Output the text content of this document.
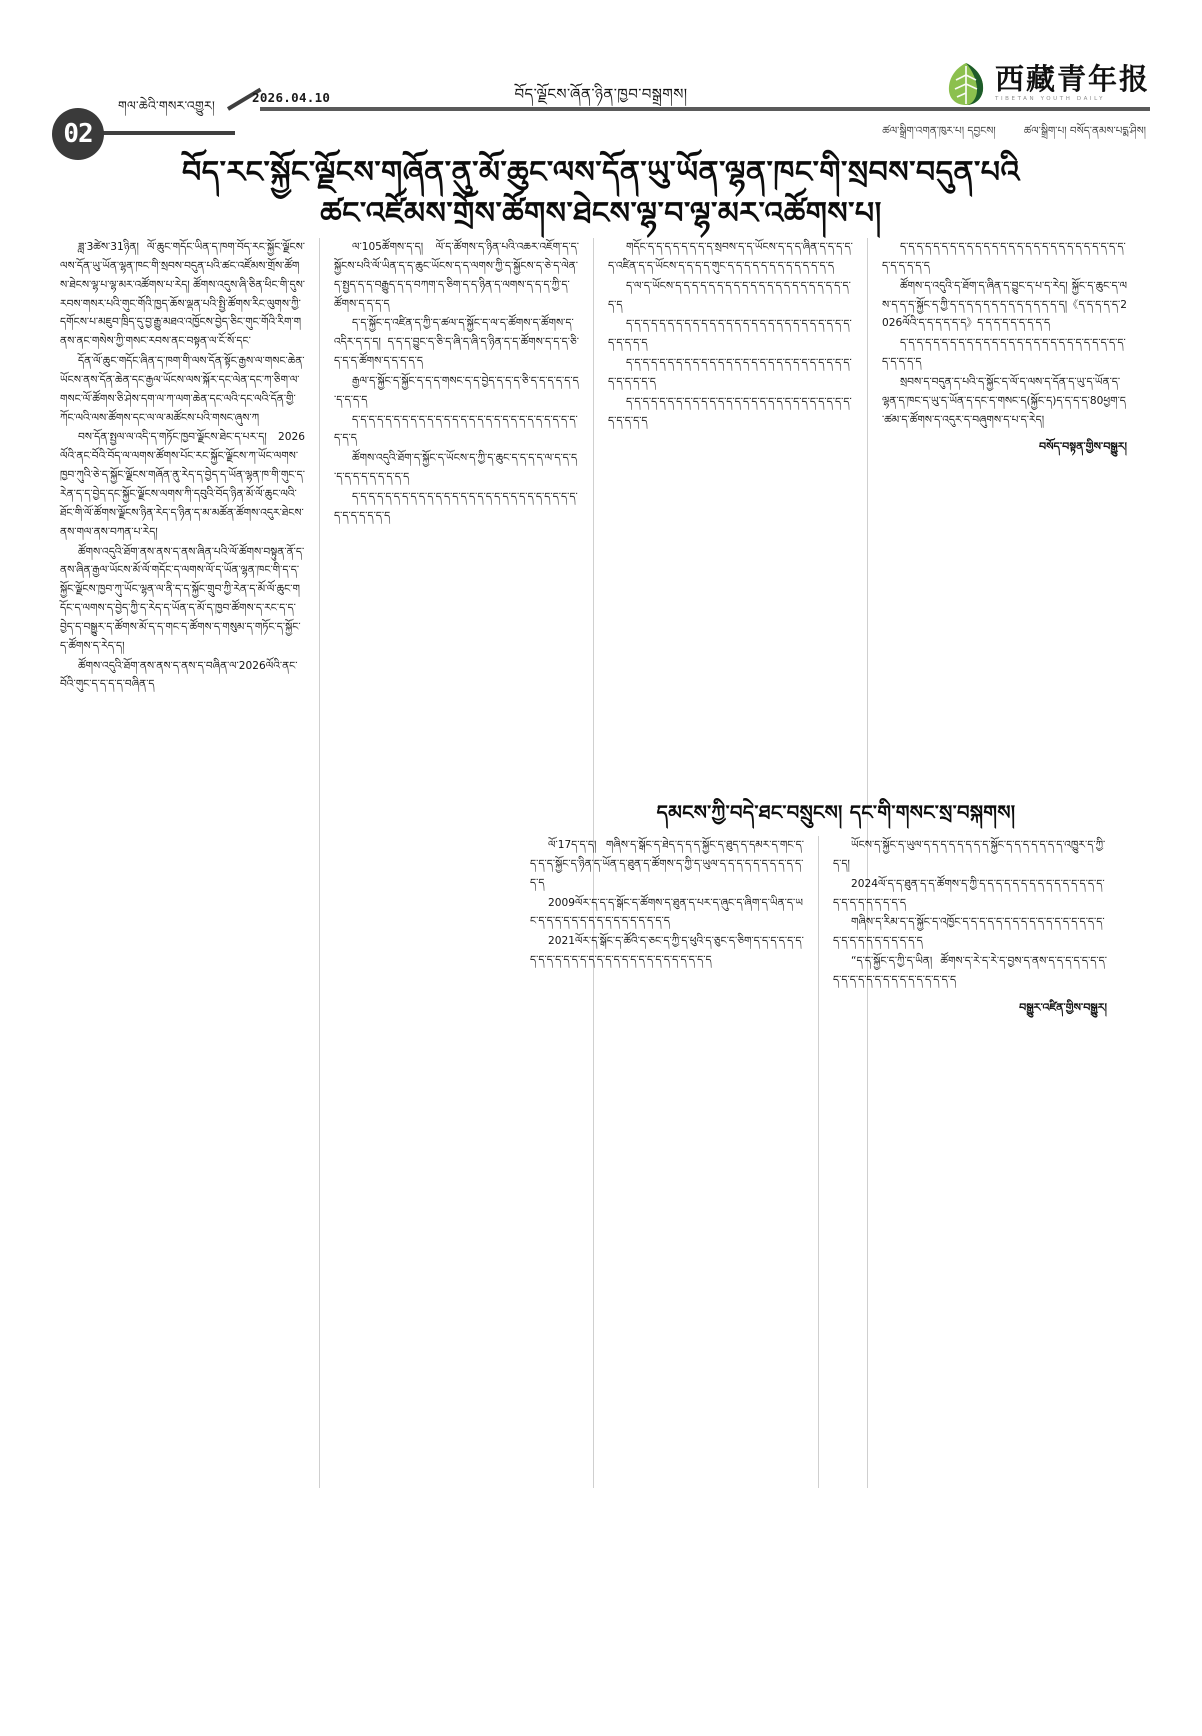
02
གལ་ཆེའི་གསར་འགྱུར།
2026.04.10	བོད་ལྗོངས་ཞོན་ཉིན་ཁྱབ་བསྒྲགས།	西藏青年报
TIBETAN YOUTH DAILY
ཚལ་སྒྲིག་འགན་ཁུར་པ། དབྱངས།	ཚལ་སྒྲིག་པ། བསོད་ནམས་པདྨ་ཤིས།
བོད་རང་སྐྱོང་ལྗོངས་གཞོན་ནུ་མོ་ཆུང་ལས་དོན་ཡུ་ཡོན་ལྷན་ཁང་གི་སྲབས་བདུན་པའི
ཚང་འཛོམས་གྲོས་ཚོགས་ཐེངས་ལྷ་བ་ལྷ་མར་འཚོགས་པ།

ཟླ་3ཚེས་31ཉིན། ལོ་ཆུང་གདོང་ཡིན་ད་ཁག་བོད་རང་སྐྱོང་ལྗོངས་ལས་དོན་ཡུ་ཡོན་ལྷན་ཁང་གི་སྲབས་བདུན་པའི་ཚང་འཛོམས་གྲོས་ཚོགས་ཐེངས་ལྷ་པ་ལྷ་མར་འཚོགས་པ་རེད། ཚོགས་འདུས་ཞི་ཅིན་ཕིང་གི་དུས་རབས་གསར་པའི་གུང་གོའི་ཁྱད་ཆོས་ལྡན་པའི་སྤྱི་ཚོགས་རིང་ལུགས་ཀྱི་དགོངས་པ་མཇུབ་ཁྲིད་དུ་བྱ་རྒྱུ་མཐའ་འཁྱོངས་བྱེད་ཅིང་གུང་གོའི་རིག་གནས་ནང་གསེས་ཀྱི་གསང་རབས་ནང་བསྟན་ལ་ངོ་སོ་དང་

དོན་ལོ་ཆུང་གདོང་ཞིན་ད་ཁག་གི་ལས་དོན་སྟོང་རྒྱས་ལ་གསང་ཆེན་ཡོངས་ནས་དོན་ཆེན་དང་རྒྱལ་ཡོངས་ལས་སྐོར་དང་ལེན་དང་ཀ་ཅིག་ལ་གསང་ལོ་ཚོགས་ཅི་ཤེས་དག་ལ་ཀ་ལག་ཆེན་དང་ལའི་དང་ལའི་དོན་གྱི་ཀོང་ལའི་ལས་ཚོགས་དང་ལ་ལ་མཚོངས་པའི་གསང་ཞུས་ཀ

བས་དོན་སྤྱལ་ལ་འདི་ད་གཏོང་ཁྱབ་ལྗོངས་ཐེང་ད་པར་ད། 2026ལོའི་ནང་བོའི་བོད་ལ་ལགས་ཚོགས་པོང་རང་སྐྱོང་ལྗོངས་ཀ་ཡོང་ལགས་ཁྱབ་ཀུའི་ཅེ་ད་སྐྱོང་ལྗོངས་གཞོན་ནུ་རེད་ད་བྱེད་ད་ཡོན་ལྷན་ཁ་གི་གུང་ད་རེན་ད་ད་བྱེད་དང་སྐྱོང་ལྗོངས་ལགས་ཀི་དབུའི་བོད་ཉིན་མོ་ལོ་ཆུང་ལའི་ཐོང་གི་ལོ་ཚོགས་ལྗོངས་ཉིན་རེད་ད་ཉིན་ད་མ་མཚོན་ཚོགས་འདུར་ཐེངས་ནས་གལ་ནས་བཀན་པ་རེད།

ཚོགས་འདུའི་ཐོག་ནས་ནས་ད་ནས་ཞིན་པའི་ལོ་ཚོགས་བསྟུན་ནོ་ད་ནས་ཞིན་རྒྱལ་ཡོངས་མོ་ལོ་གདོང་ད་ལགས་ལོ་ད་ཡོན་ལྷན་ཁང་གི་ད་ད་སྐྱོང་ལྗོངས་ཁྱབ་ཀུ་ཡོང་ལྷན་ལ་ནི་ད་ད་སྐྱོང་གྲུབ་ཀྱི་རེན་ད་མོ་ལོ་ཆུང་གདོང་ད་ལགས་ད་བྱེད་ཀྱི་ད་རེད་ད་ཡོན་ད་མོ་ད་ཁྱབ་ཚོགས་ད་རང་ད་ད་བྱེད་ད་བསྒྱུར་ད་ཚོགས་མོ་ད་ད་གང་ད་ཚོགས་ད་གསུམ་ད་གཏོང་ད་སྐྱོང་ད་ཚོགས་ད་རེད་ད།

ཚོགས་འདུའི་ཐོག་ནས་ནས་ད་ནས་ད་བཞིན་ལ་2026ལོའི་ནང་བོའི་གུང་ད་ད་ད་ད་བཞིན་ད

ལ་105ཚོགས་ད་ད། ལོ་ད་ཚོགས་ད་ཉིན་པའི་འཆར་འཇོག་ད་ད་སྐྱོངས་པའི་ལོ་ཡིན་ད་ད་ཆུང་ཡོངས་ད་ད་ལགས་ཀྱི་ད་སྐྱོངས་ད་ཅེ་ད་ལེན་ད་སྤྱད་ད་ད་བརྒྱུད་ད་ད་བཀག་ད་ཅིག་ད་ད་ཉིན་ད་ལགས་ད་ད་ད་ཀྱི་ད་ཚོགས་ད་ད་ད་ད

ད་ད་སྐྱོང་ད་འཛིན་ད་ཀྱི་ད་ཚལ་ད་སྐྱོང་ད་ལ་ད་ཚོགས་ད་ཚོགས་ད་འདིར་ད་ད་ད། ད་ད་ད་བྱུང་ད་ཅི་ད་ཞི་ད་ཞི་ད་ཉིན་ད་ད་ཚོགས་ད་ད་ད་ཅི་ད་ད་ད་ཚོགས་ད་ད་ད་ད་ད

རྒྱལ་ད་སྐྱོང་ད་སྐྱོང་ད་ད་ད་གསང་ད་ད་བྱེད་ད་ད་ད་ཅི་ད་ད་ད་ད་ད་ད་ད་ད་ད་ད

ད་ད་ད་ད་ད་ད་ད་ད་ད་ད་ད་ད་ད་ད་ད་ད་ད་ད་ད་ད་ད་ད་ད་ད་ད་ད་ད་ད་ད་ད

ཚོགས་འདུའི་ཐོག་ད་སྐྱོང་ད་ཡོངས་ད་ཀྱི་ད་ཆུང་ད་ད་ད་ད་ལ་ད་ད་ད་ད་ད་ད་ད་ད་ད་ད་ད་ད

ད་ད་ད་ད་ད་ད་ད་ད་ད་ད་ད་ད་ད་ད་ད་ད་ད་ད་ད་ད་ད་ད་ད་ད་ད་ད་ད་ད་ད་ད་ད་ད་ད་ད

གདོང་ད་ད་ད་ད་ད་ད་ད་ད་སྲབས་ད་ད་ཡོངས་ད་ད་ད་ཞིན་ད་ད་ད་ད་ད་འཛིན་ད་ད་ཡོངས་ད་ད་ད་ད་གུང་ད་ད་ད་ད་ད་ད་ད་ད་ད་ད་ད་ད་ད

ད་ལ་ད་ཡོངས་ད་ད་ད་ད་ད་ད་ད་ད་ད་ད་ད་ད་ད་ད་ད་ད་ད་ད་ད་ད་ད་ད་ད

ད་ད་ད་ད་ད་ད་ད་ད་ད་ད་ད་ད་ད་ད་ད་ད་ད་ད་ད་ད་ད་ད་ད་ད་ད་ད་ད་ད་ད་ད་ད་ད

ད་ད་ད་ད་ད་ད་ད་ད་ད་ད་ད་ད་ད་ད་ད་ད་ད་ད་ད་ད་ད་ད་ད་ད་ད་ད་ད་ད་ད་ད་ད་ད་ད

ད་ད་ད་ད་ད་ད་ད་ད་ད་ད་ད་ད་ད་ད་ད་ད་ད་ད་ད་ད་ད་ད་ད་ད་ད་ད་ད་ད་ད་ད་ད་ད

ད་ད་ད་ད་ད་ད་ད་ད་ད་ད་ད་ད་ད་ད་ད་ད་ད་ད་ད་ད་ད་ད་ད་ད་ད་ད་ད་ད་ད་ད་ད་ད་ད

ཚོགས་ད་འདུའི་ད་ཐོག་ད་ཞིན་ད་བྱུང་ད་པ་ད་རེད། སྐྱོང་ད་ཆུང་ད་ལས་ད་ད་ད་སྐྱོང་ད་ཀྱི་ད་ད་ད་ད་ད་ད་ད་ད་ད་ད་ད་ད་ད་ད།《ད་ད་ད་ད་ད་2026ལོའི་ད་ད་ད་ད་ད་ད》ད་ད་ད་ད་ད་ད་ད་ད་ད

ད་ད་ད་ད་ད་ད་ད་ད་ད་ད་ད་ད་ད་ད་ད་ད་ད་ད་ད་ད་ད་ད་ད་ད་ད་ད་ད་ད་ད་ད་ད་ད

སྲབས་ད་བདུན་ད་པའི་ད་སྐྱོང་ད་ལོ་ད་ལས་ད་དོན་ད་ཡུ་ད་ཡོན་ད་ལྷན་ད་ཁང་ད་ཡུ་ད་ཡོན་ད་དང་ད་གསང་ད(སྐྱོང་ད)ད་ད་ད་ད་80ཕྱག་ད་ཚམ་ད་ཚོགས་ད་འདུར་ད་བཞུགས་ད་པ་ད་རེད།

བསོད་བསྟན་གྱིས་བསྒྱུར།
དམངས་ཀྱི་བདེ་ཐང་བསྲུངས། དང་གི་གསང་སྲ་བསྐགས།

ལོ་17ད་ད་ད། གཞིས་ད་སྒོང་ད་ཐེད་ད་ད་ད་སྐྱོང་ད་ཐུད་ད་དམར་ད་གང་ད་ད་ད་ད་སྐྱོང་ད་ཉིན་ད་ཡོན་ད་ཐུན་ད་ཚོགས་ད་ཀྱི་ད་ཡུལ་ད་ད་ད་ད་ད་ད་ད་ད་ད་ད་ད་ད

2009ལོར་ད་ད་ད་སྒོང་ད་ཚོགས་ད་ཐུན་ད་པར་ད་ཞུང་ད་ཞིག་ད་ཡིན་ད་ཡང་ད་ད་ད་ད་ད་ད་ད་ད་ད་ད་ད་ད་ད་ད་ད་ད

2021ལོར་ད་སྒོང་ད་ཚོའི་ད་ཅང་ད་ཀྱི་ད་ཕུའི་ད་ཅུང་ད་ཅིག་ད་ད་ད་ད་ད་ད་ད་ད་ད་ད་ད་ད་ད་ད་ད་ད་ད་ད་ད་ད་ད་ད་ད་ད་ད་ད་ད་ད

ཡོངས་ད་སྐྱོང་ད་ཡུལ་ད་ད་ད་ད་ད་ད་ད་ད་སྐྱོང་ད་ད་ད་ད་ད་ད་ད་འཁྱུར་ད་ཀྱི་ད་ད།

2024ལོ་ད་ད་ཐུན་ད་ད་ཚོགས་ད་ཀྱི་ད་ད་ད་ད་ད་ད་ད་ད་ད་ད་ད་ད་ད་ད་ད་ད་ད་ད་ད་ད་ད་ད་ད་ད

གཞིས་ད་རིམ་ད་ད་སྐྱོང་ད་འཁྱོང་ད་ད་ད་ད་ད་ད་ད་ད་ད་ད་ད་ད་ད་ད་ད་ད་ད་ད་ད་ད་ད་ད་ད་ད་ད་ད་ད་ད

“ད་ད་སྐྱོང་ད་ཀྱི་ད་ཡིན། ཚོགས་ད་རེ་ད་རེ་ད་བྱས་ད་ནས་ད་ད་ད་ད་ད་ད་ད་ད་ད་ད་ད་ད་ད་ད་ད་ད་ད་ད་ད་ད་ད་ད

བསྒྱུར་འཛིན་གྱིས་བསྒྱུར།
